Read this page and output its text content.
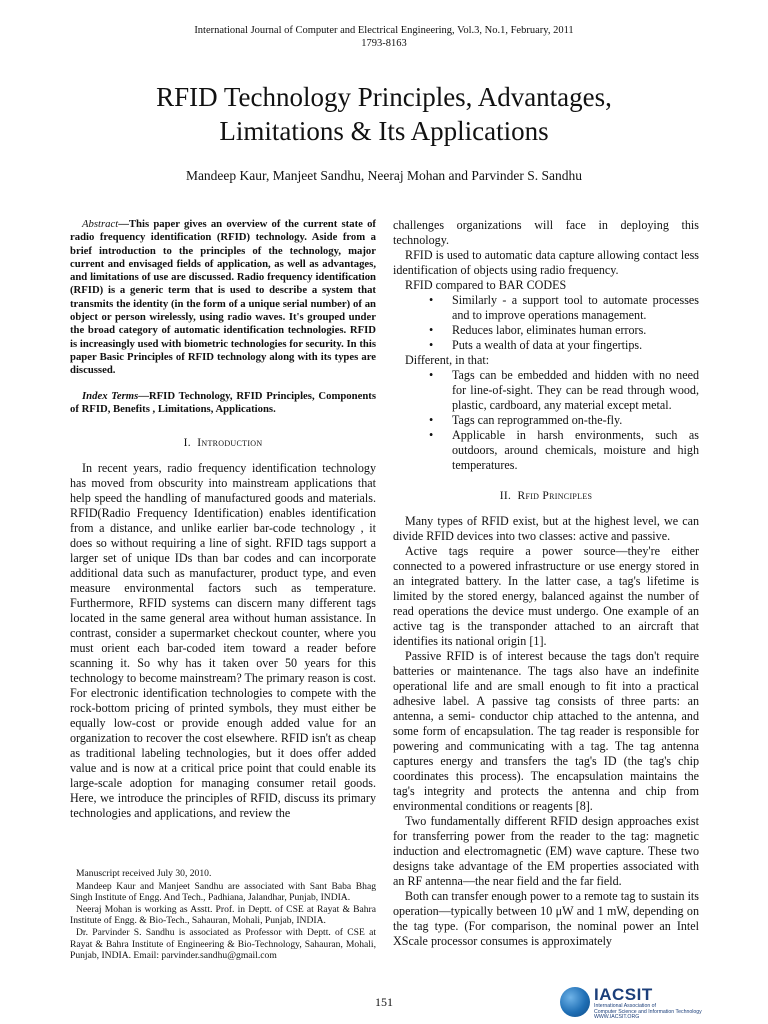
International Journal of Computer and Electrical Engineering, Vol.3, No.1, February, 2011
1793-8163
RFID Technology Principles, Advantages,
Limitations & Its Applications
Mandeep Kaur, Manjeet Sandhu, Neeraj Mohan and Parvinder S. Sandhu

Abstract—This paper gives an overview of the current state of radio frequency identification (RFID) technology. Aside from a brief introduction to the principles of the technology, major current and envisaged fields of application, as well as advantages, and limitations of use are discussed. Radio frequency identification (RFID) is a generic term that is used to describe a system that transmits the identity (in the form of a unique serial number) of an object or person wirelessly, using radio waves. It's grouped under the broad category of automatic identification technologies. RFID is increasingly used with biometric technologies for security. In this paper Basic Principles of RFID technology along with its types are discussed.

Index Terms—RFID Technology, RFID Principles, Components of RFID, Benefits , Limitations, Applications.

I. Introduction

In recent years, radio frequency identification technology has moved from obscurity into mainstream applications that help speed the handling of manufactured goods and materials. RFID(Radio Frequency Identification) enables identification from a distance, and unlike earlier bar-code technology , it does so without requiring a line of sight. RFID tags support a larger set of unique IDs than bar codes and can incorporate additional data such as manufacturer, product type, and even measure environmental factors such as temperature. Furthermore, RFID systems can discern many different tags located in the same general area without human assistance. In contrast, consider a supermarket checkout counter, where you must orient each bar-coded item toward a reader before scanning it. So why has it taken over 50 years for this technology to become mainstream? The primary reason is cost. For electronic identification technologies to compete with the rock-bottom pricing of printed symbols, they must either be equally low-cost or provide enough added value for an organization to recover the cost elsewhere. RFID isn't as cheap as traditional labeling technologies, but it does offer added value and is now at a critical price point that could enable its large-scale adoption for managing consumer retail goods. Here, we introduce the principles of RFID, discuss its primary technologies and applications, and review the

Manuscript received July 30, 2010.

Mandeep Kaur and Manjeet Sandhu are associated with Sant Baba Bhag Singh Institute of Engg. And Tech., Padhiana, Jalandhar, Punjab, INDIA.

Neeraj Mohan is working as Asstt. Prof. in Deptt. of CSE at Rayat & Bahra Institute of Engg. & Bio-Tech., Sahauran, Mohali, Punjab, INDIA.

Dr. Parvinder S. Sandhu is associated as Professor with Deptt. of CSE at Rayat & Bahra Institute of Engineering & Bio-Technology, Sahauran, Mohali, Punjab, INDIA. Email: parvinder.sandhu@gmail.com

challenges organizations will face in deploying this technology.

RFID is used to automatic data capture allowing contact less identification of objects using radio frequency.

RFID compared to BAR CODES

• Similarly - a support tool to automate processes and to improve operations management.
• Reduces labor, eliminates human errors.
• Puts a wealth of data at your fingertips.

Different, in that:

• Tags can be embedded and hidden with no need for line-of-sight. They can be read through wood, plastic, cardboard, any material except metal.
• Tags can reprogrammed on-the-fly.
• Applicable in harsh environments, such as outdoors, around chemicals, moisture and high temperatures.

II. Rfid Principles

Many types of RFID exist, but at the highest level, we can divide RFID devices into two classes: active and passive.

Active tags require a power source—they're either connected to a powered infrastructure or use energy stored in an integrated battery. In the latter case, a tag's lifetime is limited by the stored energy, balanced against the number of read operations the device must undergo. One example of an active tag is the transponder attached to an aircraft that identifies its national origin [1].

Passive RFID is of interest because the tags don't require batteries or maintenance. The tags also have an indefinite operational life and are small enough to fit into a practical adhesive label. A passive tag consists of three parts: an antenna, a semi- conductor chip attached to the antenna, and some form of encapsulation. The tag reader is responsible for powering and communicating with a tag. The tag antenna captures energy and transfers the tag's ID (the tag's chip coordinates this process). The encapsulation maintains the tag's integrity and protects the antenna and chip from environmental conditions or reagents [8].

Two fundamentally different RFID design approaches exist for transferring power from the reader to the tag: magnetic induction and electromagnetic (EM) wave capture. These two designs take advantage of the EM properties associated with an RF antenna—the near field and the far field.

Both can transfer enough power to a remote tag to sustain its operation—typically between 10 μW and 1 mW, depending on the tag type. (For comparison, the nominal power an Intel XScale processor consumes is approximately

151	IACSIT
International Association of
Computer Science and Information Technology
WWW.IACSIT.ORG
